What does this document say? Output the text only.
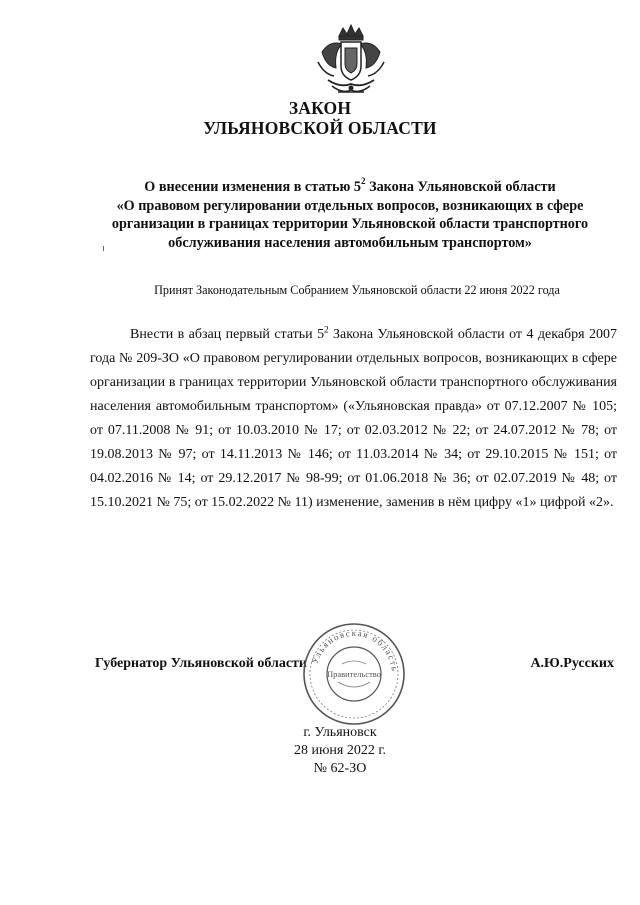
ЗАКОН
УЛЬЯНОВСКОЙ ОБЛАСТИ
О внесении изменения в статью $5^2$ Закона Ульяновской области
«О правовом регулировании отдельных вопросов, возникающих в сфере
организации в границах территории Ульяновской области транспортного
обслуживания населения автомобильным транспортом»
Принят Законодательным Собранием Ульяновской области 22 июня 2022 года
Внести в абзац первый статьи $5^2$ Закона Ульяновской области от 4 декабря 2007 года № 209-ЗО «О правовом регулировании отдельных вопросов, возникающих в сфере организации в границах территории Ульяновской области транспортного обслуживания населения автомобильным транспортом» («Ульяновская правда» от 07.12.2007 № 105; от 07.11.2008 № 91; от 10.03.2010 № 17; от 02.03.2012 № 22; от 24.07.2012 № 78; от 19.08.2013 № 97; от 14.11.2013 № 146; от 11.03.2014 № 34; от 29.10.2015 № 151; от 04.02.2016 № 14; от 29.12.2017 № 98-99; от 01.06.2018 № 36; от 02.07.2019 № 48; от 15.10.2021 № 75; от 15.02.2022 № 11) изменение, заменив в нём цифру «1» цифрой «2».
Губернатор Ульяновской области	А.Ю.Русских
Ульяновская область
Правительство
г. Ульяновск
28 июня 2022 г.
№ 62-ЗО
